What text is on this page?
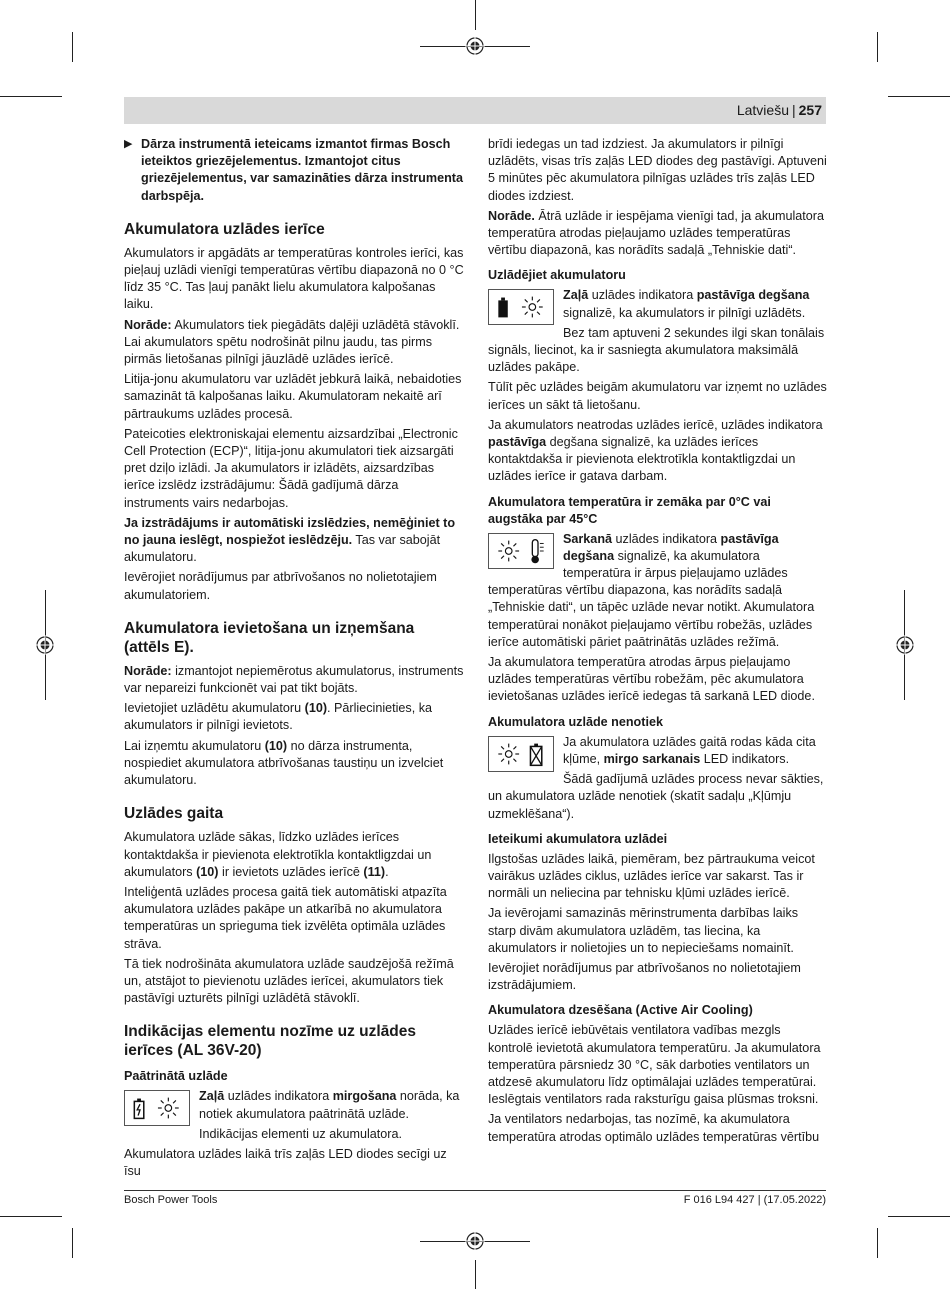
Latviešu | 257
▶ Dārza instrumentā ieteicams izmantot firmas Bosch ieteiktos griezējelementus. Izmantojot citus griezējelementus, var samazināties dārza instrumenta darbspēja.
Akumulatora uzlādes ierīce

Akumulators ir apgādāts ar temperatūras kontroles ierīci, kas pieļauj uzlādi vienīgi temperatūras vērtību diapazonā no 0 °C līdz 35 °C. Tas ļauj panākt lielu akumulatora kalpošanas laiku.

Norāde: Akumulators tiek piegādāts daļēji uzlādētā stāvoklī. Lai akumulators spētu nodrošināt pilnu jaudu, tas pirms pirmās lietošanas pilnīgi jāuzlādē uzlādes ierīcē.

Litija-jonu akumulatoru var uzlādēt jebkurā laikā, nebaidoties samazināt tā kalpošanas laiku. Akumulatoram nekaitē arī pārtraukums uzlādes procesā.

Pateicoties elektroniskajai elementu aizsardzībai „Electronic Cell Protection (ECP)“, litija-jonu akumulatori tiek aizsargāti pret dziļo izlādi. Ja akumulators ir izlādēts, aizsardzības ierīce izslēdz izstrādājumu: Šādā gadījumā dārza instruments vairs nedarbojas.

Ja izstrādājums ir automātiski izslēdzies, nemēģiniet to no jauna ieslēgt, nospiežot ieslēdzēju. Tas var sabojāt akumulatoru.

Ievērojiet norādījumus par atbrīvošanos no nolietotajiem akumulatoriem.

Akumulatora ievietošana un izņemšana (attēls E).

Norāde: izmantojot nepiemērotus akumulatorus, instruments var nepareizi funkcionēt vai pat tikt bojāts.

Ievietojiet uzlādētu akumulatoru (10). Pārliecinieties, ka akumulators ir pilnīgi ievietots.

Lai izņemtu akumulatoru (10) no dārza instrumenta, nospiediet akumulatora atbrīvošanas taustiņu un izvelciet akumulatoru.

Uzlādes gaita

Akumulatora uzlāde sākas, līdzko uzlādes ierīces kontaktdakša ir pievienota elektrotīkla kontaktligzdai un akumulators (10) ir ievietots uzlādes ierīcē (11).

Inteliģentā uzlādes procesa gaitā tiek automātiski atpazīta akumulatora uzlādes pakāpe un atkarībā no akumulatora temperatūras un sprieguma tiek izvēlēta optimāla uzlādes strāva.

Tā tiek nodrošināta akumulatora uzlāde saudzējošā režīmā un, atstājot to pievienotu uzlādes ierīcei, akumulators tiek pastāvīgi uzturēts pilnīgi uzlādētā stāvoklī.

Indikācijas elementu nozīme uz uzlādes ierīces (AL 36V-20)
Paātrinātā uzlāde

Zaļā uzlādes indikatora mirgošana norāda, ka notiek akumulatora paātrinātā uzlāde.

Indikācijas elementi uz akumulatora.

Akumulatora uzlādes laikā trīs zaļās LED diodes secīgi uz īsu

brīdi iedegas un tad izdziest. Ja akumulators ir pilnīgi uzlādēts, visas trīs zaļās LED diodes deg pastāvīgi. Aptuveni 5 minūtes pēc akumulatora pilnīgas uzlādes trīs zaļās LED diodes izdziest.

Norāde. Ātrā uzlāde ir iespējama vienīgi tad, ja akumulatora temperatūra atrodas pieļaujamo uzlādes temperatūras vērtību diapazonā, kas norādīts sadaļā „Tehniskie dati“.

Uzlādējiet akumulatoru

Zaļā uzlādes indikatora pastāvīga degšana signalizē, ka akumulators ir pilnīgi uzlādēts.

Bez tam aptuveni 2 sekundes ilgi skan tonālais signāls, liecinot, ka ir sasniegta akumulatora maksimālā uzlādes pakāpe.

Tūlīt pēc uzlādes beigām akumulatoru var izņemt no uzlādes ierīces un sākt tā lietošanu.

Ja akumulators neatrodas uzlādes ierīcē, uzlādes indikatora pastāvīga degšana signalizē, ka uzlādes ierīces kontaktdakša ir pievienota elektrotīkla kontaktligzdai un uzlādes ierīce ir gatava darbam.

Akumulatora temperatūra ir zemāka par 0°C vai augstāka par 45°C

Sarkanā uzlādes indikatora pastāvīga degšana signalizē, ka akumulatora temperatūra ir ārpus pieļaujamo uzlādes temperatūras vērtību diapazona, kas norādīts sadaļā „Tehniskie dati“, un tāpēc uzlāde nevar notikt. Akumulatora temperatūrai nonākot pieļaujamo vērtību robežās, uzlādes ierīce automātiski pāriet paātrinātās uzlādes režīmā.

Ja akumulatora temperatūra atrodas ārpus pieļaujamo uzlādes temperatūras vērtību robežām, pēc akumulatora ievietošanas uzlādes ierīcē iedegas tā sarkanā LED diode.

Akumulatora uzlāde nenotiek

Ja akumulatora uzlādes gaitā rodas kāda cita kļūme, mirgo sarkanais LED indikators.

Šādā gadījumā uzlādes process nevar sākties, un akumulatora uzlāde nenotiek (skatīt sadaļu „Kļūmju uzmeklēšana“).

Ieteikumi akumulatora uzlādei

Ilgstošas uzlādes laikā, piemēram, bez pārtraukuma veicot vairākus uzlādes ciklus, uzlādes ierīce var sakarst. Tas ir normāli un neliecina par tehnisku kļūmi uzlādes ierīcē.

Ja ievērojami samazinās mērinstrumenta darbības laiks starp divām akumulatora uzlādēm, tas liecina, ka akumulators ir nolietojies un to nepieciešams nomainīt.

Ievērojiet norādījumus par atbrīvošanos no nolietotajiem izstrādājumiem.

Akumulatora dzesēšana (Active Air Cooling)

Uzlādes ierīcē iebūvētais ventilatora vadības mezgls kontrolē ievietotā akumulatora temperatūru. Ja akumulatora temperatūra pārsniedz 30 °C, sāk darboties ventilators un atdzesē akumulatoru līdz optimālajai uzlādes temperatūrai. Ieslēgtais ventilators rada raksturīgu gaisa plūsmas troksni.

Ja ventilators nedarbojas, tas nozīmē, ka akumulatora temperatūra atrodas optimālo uzlādes temperatūras vērtību

Bosch Power Tools	F 016 L94 427 | (17.05.2022)
